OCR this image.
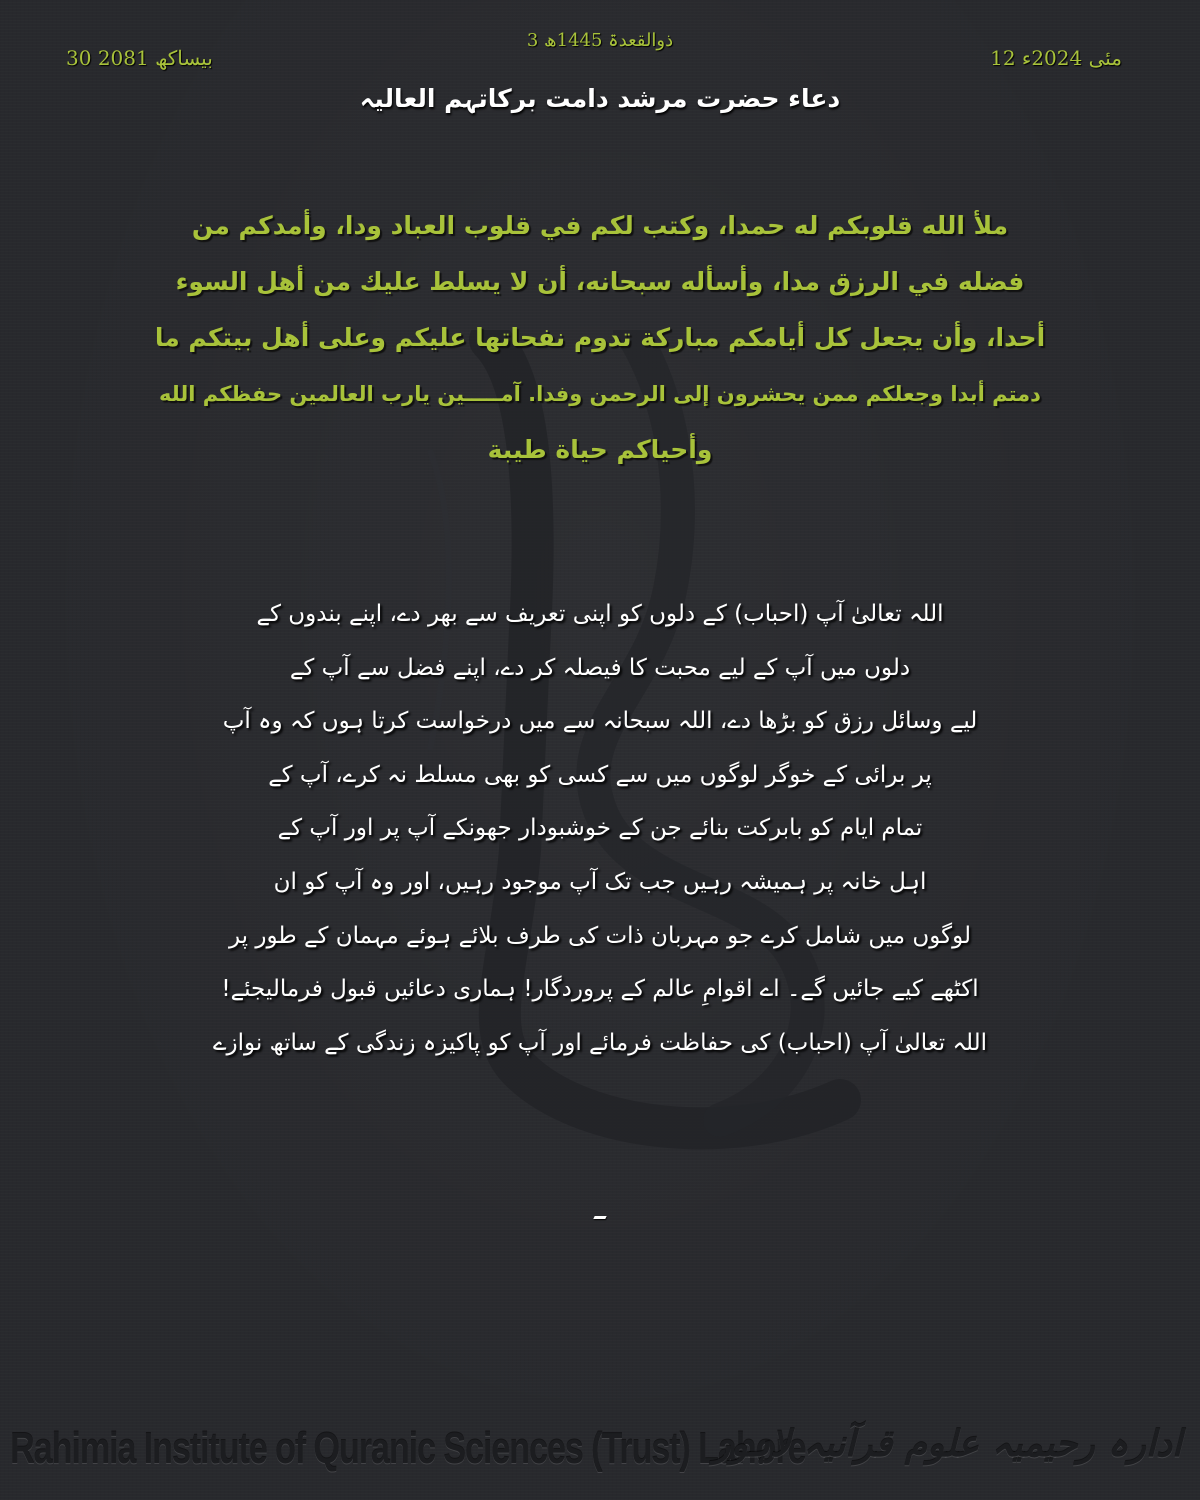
30 بیساکھ 2081
3 ذوالقعدۃ 1445ھ
12 مئی 2024ء
دعاء حضرت مرشد دامت برکاتہم العالیہ
ملأ الله قلوبكم له حمدا، وكتب لكم في قلوب العباد ودا، وأمدكم من
فضله في الرزق مدا، وأسأله سبحانه، أن لا يسلط عليك من أهل السوء
أحدا، وأن يجعل كل أيامكم مباركة تدوم نفحاتها عليكم وعلى أهل بيتكم ما
دمتم أبدا وجعلكم ممن يحشرون إلى الرحمن وفدا. آمـــــين يارب العالمين حفظكم الله
وأحياكم حياة طيبة
اللہ تعالیٰ آپ (احباب) کے دلوں کو اپنی تعریف سے بھر دے، اپنے بندوں کے
دلوں میں آپ کے لیے محبت کا فیصلہ کر دے، اپنے فضل سے آپ کے
لیے وسائل رزق کو بڑھا دے، اللہ سبحانہ سے میں درخواست کرتا ہوں کہ وہ آپ
پر برائی کے خوگر لوگوں میں سے کسی کو بھی مسلط نہ کرے، آپ کے
تمام ایام کو بابرکت بنائے جن کے خوشبودار جھونکے آپ پر اور آپ کے
اہل خانہ پر ہمیشہ رہیں جب تک آپ موجود رہیں، اور وہ آپ کو ان
لوگوں میں شامل کرے جو مہربان ذات کی طرف بلائے ہوئے مہمان کے طور پر
اکٹھے کیے جائیں گے۔ اے اقوامِ عالم کے پروردگار! ہماری دعائیں قبول فرمالیجئے!
اللہ تعالیٰ آپ (احباب) کی حفاظت فرمائے اور آپ کو پاکیزہ زندگی کے ساتھ نوازے
Rahimia Institute of Quranic Sciences (Trust) Lahore
ادارہ رحیمیہ علوم قرآنیہ لاہور
